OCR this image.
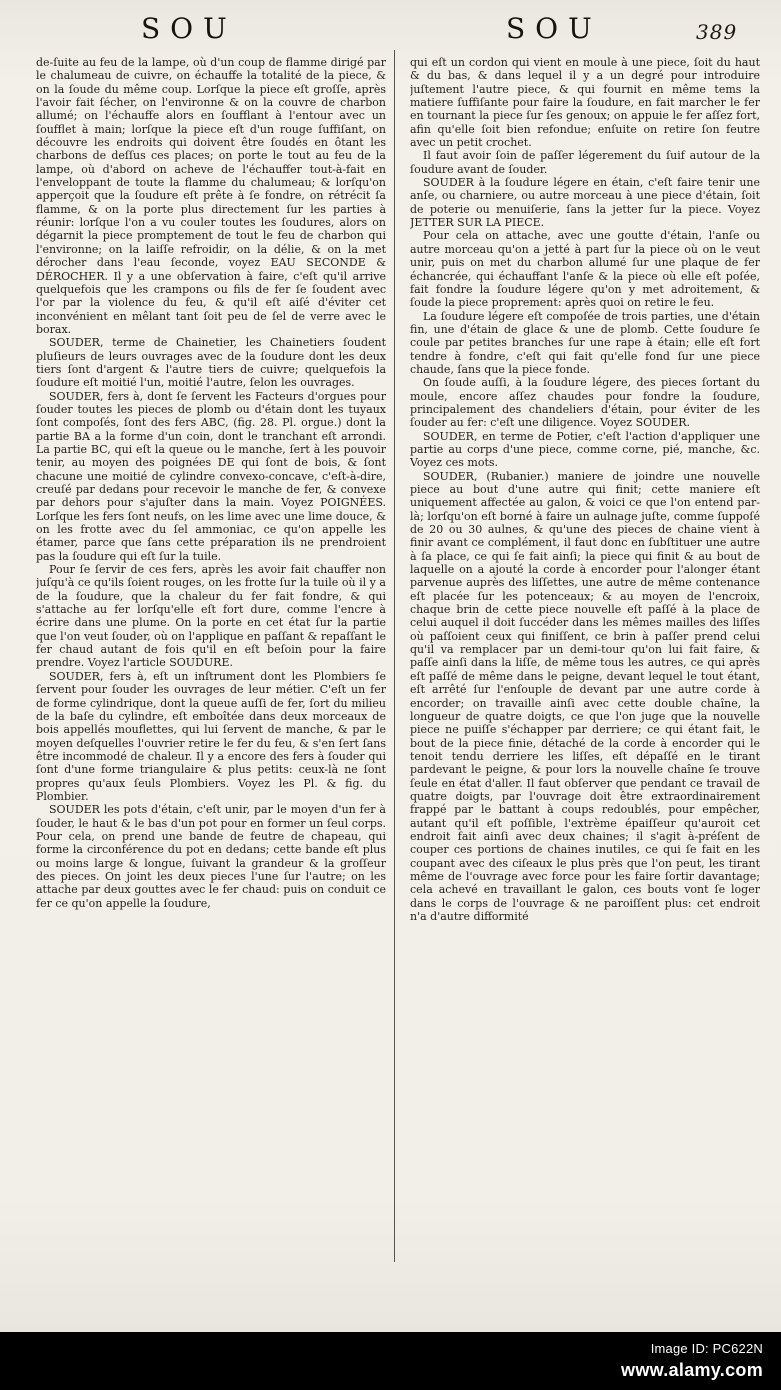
SOU	SOU	389

de-ſuite au feu de la lampe, où d'un coup de flamme dirigé par le chalumeau de cuivre, on échauffe la totalité de la piece, & on la ſoude du même coup. Lorſque la piece eſt groſſe, après l'avoir fait ſécher, on l'environne & on la couvre de charbon allumé; on l'échauffe alors en ſoufflant à l'entour avec un ſoufflet à main; lorſque la piece eſt d'un rouge ſuffiſant, on découvre les endroits qui doivent être ſoudés en ôtant les charbons de deſſus ces places; on porte le tout au feu de la lampe, où d'abord on acheve de l'échauffer tout-à-fait en l'enveloppant de toute la flamme du chalumeau; & lorſqu'on apperçoit que la ſoudure eſt prête à ſe fondre, on rétrécit ſa flamme, & on la porte plus directement ſur les parties à réunir: lorſque l'on a vu couler toutes les ſoudures, alors on dégarnit la piece promptement de tout le feu de charbon qui l'environne; on la laiſſe refroidir, on la délie, & on la met dérocher dans l'eau ſeconde, voyez EAU SECONDE & DÉROCHER. Il y a une obſervation à faire, c'eſt qu'il arrive quelquefois que les crampons ou fils de fer ſe ſoudent avec l'or par la violence du feu, & qu'il eſt aiſé d'éviter cet inconvénient en mêlant tant ſoit peu de ſel de verre avec le borax.

SOUDER, terme de Chainetier, les Chainetiers ſoudent pluſieurs de leurs ouvrages avec de la ſoudure dont les deux tiers ſont d'argent & l'autre tiers de cuivre; quelquefois la ſoudure eſt moitié l'un, moitié l'autre, ſelon les ouvrages.

SOUDER, fers à, dont ſe ſervent les Facteurs d'orgues pour ſouder toutes les pieces de plomb ou d'étain dont les tuyaux ſont compoſés, ſont des fers ABC, (fig. 28. Pl. orgue.) dont la partie BA a la forme d'un coin, dont le tranchant eſt arrondi. La partie BC, qui eſt la queue ou le manche, ſert à les pouvoir tenir, au moyen des poignées DE qui ſont de bois, & ſont chacune une moitié de cylindre convexo-concave, c'eſt-à-dire, creuſé par dedans pour recevoir le manche de fer, & convexe par dehors pour s'ajuſter dans la main. Voyez POIGNÉES. Lorſque les fers ſont neufs, on les lime avec une lime douce, & on les frotte avec du ſel ammoniac, ce qu'on appelle les étamer, parce que ſans cette préparation ils ne prendroient pas la ſoudure qui eſt ſur la tuile.

Pour ſe ſervir de ces fers, après les avoir fait chauffer non juſqu'à ce qu'ils ſoient rouges, on les frotte ſur la tuile où il y a de la ſoudure, que la chaleur du fer fait fondre, & qui s'attache au fer lorſqu'elle eſt fort dure, comme l'encre à écrire dans une plume. On la porte en cet état ſur la partie que l'on veut ſouder, où on l'applique en paſſant & repaſſant le fer chaud autant de fois qu'il en eſt beſoin pour la faire prendre. Voyez l'article SOUDURE.

SOUDER, fers à, eſt un inſtrument dont les Plombiers ſe ſervent pour ſouder les ouvrages de leur métier. C'eſt un fer de forme cylindrique, dont la queue auſſi de fer, ſort du milieu de la baſe du cylindre, eſt emboîtée dans deux morceaux de bois appellés mouflettes, qui lui ſervent de manche, & par le moyen deſquelles l'ouvrier retire le fer du feu, & s'en ſert ſans être incommodé de chaleur. Il y a encore des fers à ſouder qui ſont d'une forme triangulaire & plus petits: ceux-là ne ſont propres qu'aux ſeuls Plombiers. Voyez les Pl. & fig. du Plombier.

SOUDER les pots d'étain, c'eſt unir, par le moyen d'un fer à ſouder, le haut & le bas d'un pot pour en former un ſeul corps. Pour cela, on prend une bande de feutre de chapeau, qui forme la circonférence du pot en dedans; cette bande eſt plus ou moins large & longue, ſuivant la grandeur & la groſſeur des pieces. On joint les deux pieces l'une ſur l'autre; on les attache par deux gouttes avec le fer chaud: puis on conduit ce fer ce qu'on appelle la ſoudure,

qui eſt un cordon qui vient en moule à une piece, ſoit du haut & du bas, & dans lequel il y a un degré pour introduire juſtement l'autre piece, & qui fournit en même tems la matiere ſuffiſante pour faire la ſoudure, en fait marcher le fer en tournant la piece ſur ſes genoux; on appuie le fer aſſez fort, afin qu'elle ſoit bien refondue; enſuite on retire ſon feutre avec un petit crochet.

Il faut avoir ſoin de paſſer légerement du ſuif autour de la ſoudure avant de ſouder.

SOUDER à la ſoudure légere en étain, c'eſt faire tenir une anſe, ou charniere, ou autre morceau à une piece d'étain, ſoit de poterie ou menuiſerie, ſans la jetter ſur la piece. Voyez JETTER SUR LA PIECE.

Pour cela on attache, avec une goutte d'étain, l'anſe ou autre morceau qu'on a jetté à part ſur la piece où on le veut unir, puis on met du charbon allumé ſur une plaque de fer échancrée, qui échauffant l'anſe & la piece où elle eſt poſée, fait fondre la ſoudure légere qu'on y met adroitement, & ſoude la piece proprement: après quoi on retire le feu.

La ſoudure légere eſt compoſée de trois parties, une d'étain fin, une d'étain de glace & une de plomb. Cette ſoudure ſe coule par petites branches ſur une rape à étain; elle eſt fort tendre à fondre, c'eſt qui fait qu'elle fond ſur une piece chaude, ſans que la piece fonde.

On ſoude auſſi, à la ſoudure légere, des pieces ſortant du moule, encore aſſez chaudes pour fondre la ſoudure, principalement des chandeliers d'étain, pour éviter de les ſouder au fer: c'eſt une diligence. Voyez SOUDER.

SOUDER, en terme de Potier, c'eſt l'action d'appliquer une partie au corps d'une piece, comme corne, pié, manche, &c. Voyez ces mots.

SOUDER, (Rubanier.) maniere de joindre une nouvelle piece au bout d'une autre qui finit; cette maniere eſt uniquement affectée au galon, & voici ce que l'on entend par-là; lorſqu'on eſt borné à faire un aulnage juſte, comme ſuppoſé de 20 ou 30 aulnes, & qu'une des pieces de chaine vient à finir avant ce complément, il faut donc en ſubſtituer une autre à ſa place, ce qui ſe fait ainſi; la piece qui finit & au bout de laquelle on a ajouté la corde à encorder pour l'alonger étant parvenue auprès des liſſettes, une autre de même contenance eſt placée ſur les potenceaux; & au moyen de l'encroix, chaque brin de cette piece nouvelle eſt paſſé à la place de celui auquel il doit ſuccéder dans les mêmes mailles des liſſes où paſſoient ceux qui finiſſent, ce brin à paſſer prend celui qu'il va remplacer par un demi-tour qu'on lui fait faire, & paſſe ainſi dans la liſſe, de même tous les autres, ce qui après eſt paſſé de même dans le peigne, devant lequel le tout étant, eſt arrêté ſur l'enſouple de devant par une autre corde à encorder; on travaille ainſi avec cette double chaîne, la longueur de quatre doigts, ce que l'on juge que la nouvelle piece ne puiſſe s'échapper par derriere; ce qui étant fait, le bout de la piece finie, détaché de la corde à encorder qui le tenoit tendu derriere les liſſes, eſt dépaſſé en le tirant pardevant le peigne, & pour lors la nouvelle chaîne ſe trouve ſeule en état d'aller. Il faut obſerver que pendant ce travail de quatre doigts, par l'ouvrage doit être extraordinairement frappé par le battant à coups redoublés, pour empêcher, autant qu'il eſt poſſible, l'extrème épaiſſeur qu'auroit cet endroit fait ainſi avec deux chaines; il s'agit à-préſent de couper ces portions de chaines inutiles, ce qui ſe fait en les coupant avec des ciſeaux le plus près que l'on peut, les tirant même de l'ouvrage avec force pour les faire ſortir davantage; cela achevé en travaillant le galon, ces bouts vont ſe loger dans le corps de l'ouvrage & ne paroiſſent plus: cet endroit n'a d'autre difformité

Image ID: PC622N
www.alamy.com
